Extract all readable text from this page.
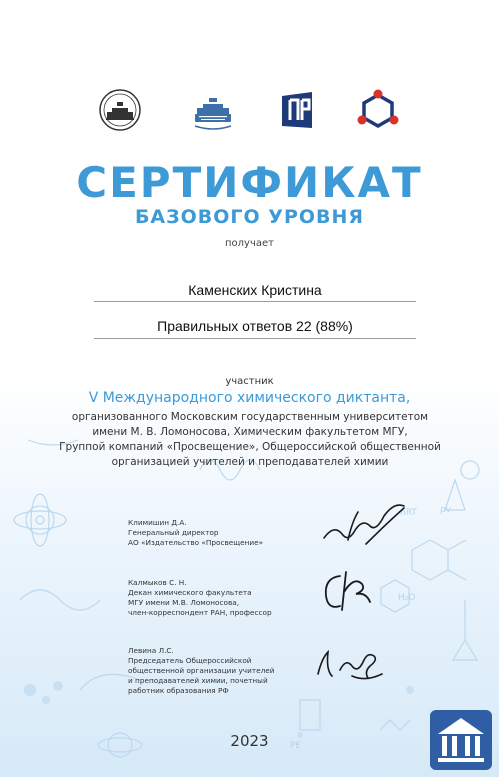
nRT
H₂O
PE
ρv
СЕРТИФИКАТ
БАЗОВОГО УРОВНЯ
получает
Каменских Кристина
Правильных ответов 22 (88%)
участник
V Международного химического диктанта,
организованного Московским государственным университетом
имени М. В. Ломоносова, Химическим факультетом МГУ,
Группой компаний «Просвещение», Общероссийской общественной
организацией учителей и преподавателей химии
Климишин Д.А.
Генеральный директор
АО «Издательство «Просвещение»
Калмыков С. Н.
Декан химического факультета
МГУ имени М.В. Ломоносова,
член-корреспондент РАН, профессор
Левина Л.С.
Председатель Общероссийской
общественной организации учителей
и преподавателей химии, почетный
работник образования РФ
2023
